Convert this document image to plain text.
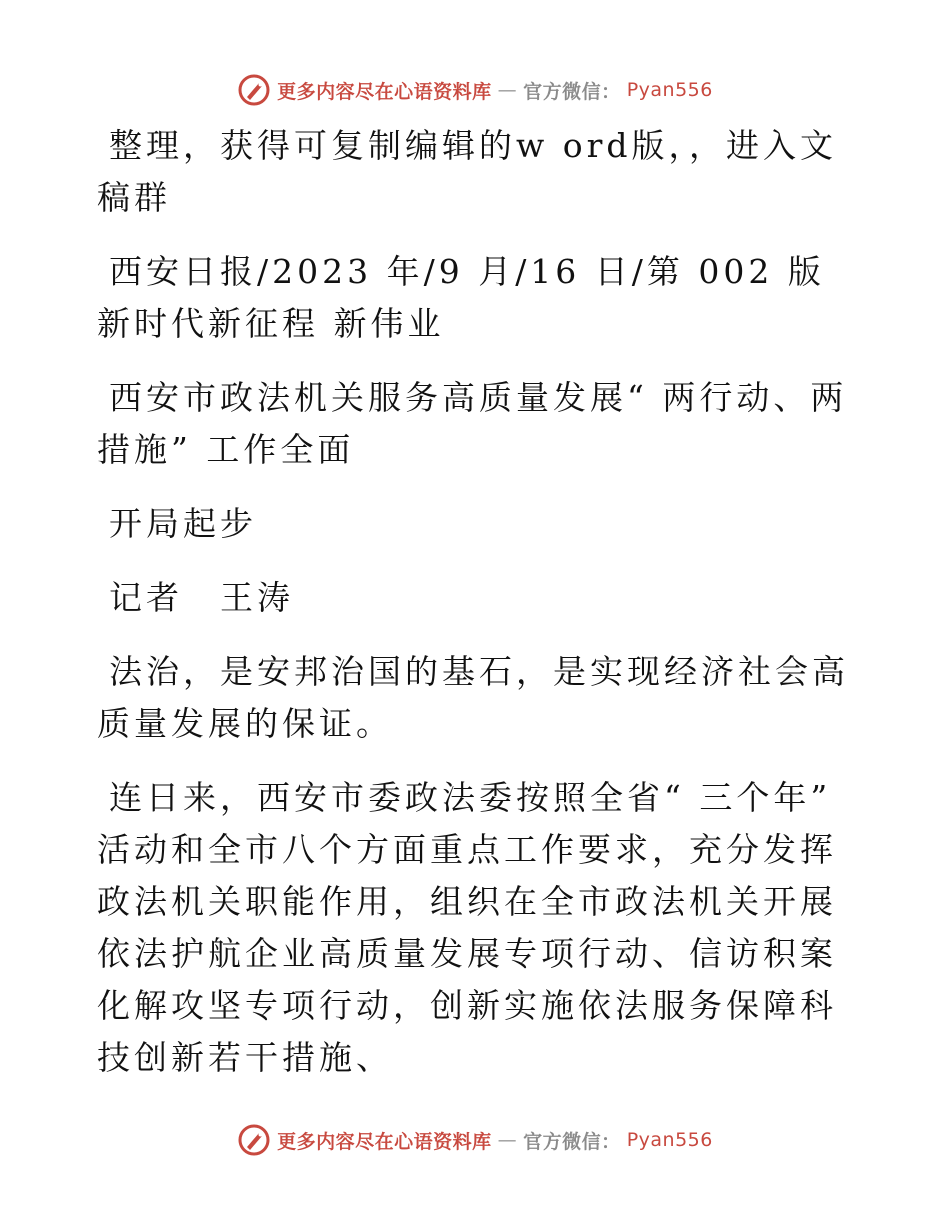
更多内容尽在心语资料库 — 官方微信： Pyan556

整理，获得可复制编辑的w ord版，，进入文稿群

西安日报/2023 年/9 月/16 日/第 002 版新时代新征程 新伟业

西安市政法机关服务高质量发展“ 两行动、两措施” 工作全面

开局起步

记者　王涛

法治，是安邦治国的基石，是实现经济社会高质量发展的保证。

连日来，西安市委政法委按照全省“ 三个年” 活动和全市八个方面重点工作要求，充分发挥政法机关职能作用，组织在全市政法机关开展依法护航企业高质量发展专项行动、信访积案化解攻坚专项行动，创新实施依法服务保障科技创新若干措施、

更多内容尽在心语资料库 — 官方微信： Pyan556
